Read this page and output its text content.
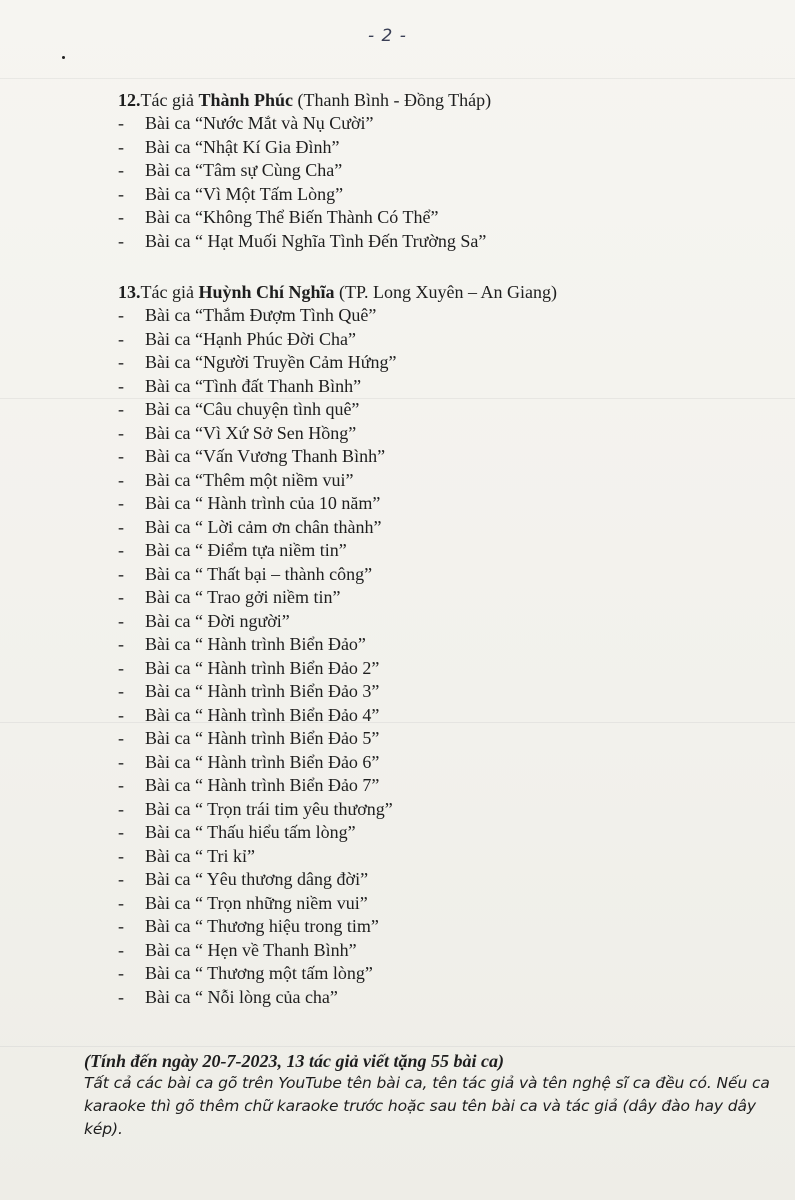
- 2 -
12.Tác giả Thành Phúc (Thanh Bình - Đồng Tháp)
-	Bài ca “Nước Mắt và Nụ Cười”
-	Bài ca “Nhật Kí Gia Đình”
-	Bài ca “Tâm sự Cùng Cha”
-	Bài ca “Vì Một Tấm Lòng”
-	Bài ca “Không Thể Biến Thành Có Thể”
-	Bài ca “ Hạt Muối Nghĩa Tình Đến Trường Sa”
13.Tác giả Huỳnh Chí Nghĩa (TP. Long Xuyên – An Giang)
-	Bài ca “Thắm Đượm Tình Quê”
-	Bài ca “Hạnh Phúc Đời Cha”
-	Bài ca “Người Truyền Cảm Hứng”
-	Bài ca “Tình đất Thanh Bình”
-	Bài ca “Câu chuyện tình quê”
-	Bài ca “Vì Xứ Sở Sen Hồng”
-	Bài ca “Vấn Vương Thanh Bình”
-	Bài ca “Thêm một niềm vui”
-	Bài ca “ Hành trình của 10 năm”
-	Bài ca “ Lời cảm ơn chân thành”
-	Bài ca “ Điểm tựa niềm tin”
-	Bài ca “ Thất bại – thành công”
-	Bài ca “ Trao gởi niềm tin”
-	Bài ca “ Đời người”
-	Bài ca “ Hành trình Biển Đảo”
-	Bài ca “ Hành trình Biển Đảo 2”
-	Bài ca “ Hành trình Biển Đảo 3”
-	Bài ca “ Hành trình Biển Đảo 4”
-	Bài ca “ Hành trình Biển Đảo 5”
-	Bài ca “ Hành trình Biển Đảo 6”
-	Bài ca “ Hành trình Biển Đảo 7”
-	Bài ca “ Trọn trái tim yêu thương”
-	Bài ca “ Thấu hiểu tấm lòng”
-	Bài ca “ Tri kỉ”
-	Bài ca “ Yêu thương dâng đời”
-	Bài ca “ Trọn những niềm vui”
-	Bài ca “ Thương hiệu trong tim”
-	Bài ca “ Hẹn về Thanh Bình”
-	Bài ca “ Thương một tấm lòng”
-	Bài ca “ Nỗi lòng của cha”

(Tính đến ngày 20-7-2023, 13 tác giả viết tặng 55 bài ca)

Tất cả các bài ca gõ trên YouTube tên bài ca, tên tác giả và tên nghệ sĩ ca đều có. Nếu ca karaoke thì gõ thêm chữ karaoke trước hoặc sau tên bài ca và tác giả (dây đào hay dây kép).
